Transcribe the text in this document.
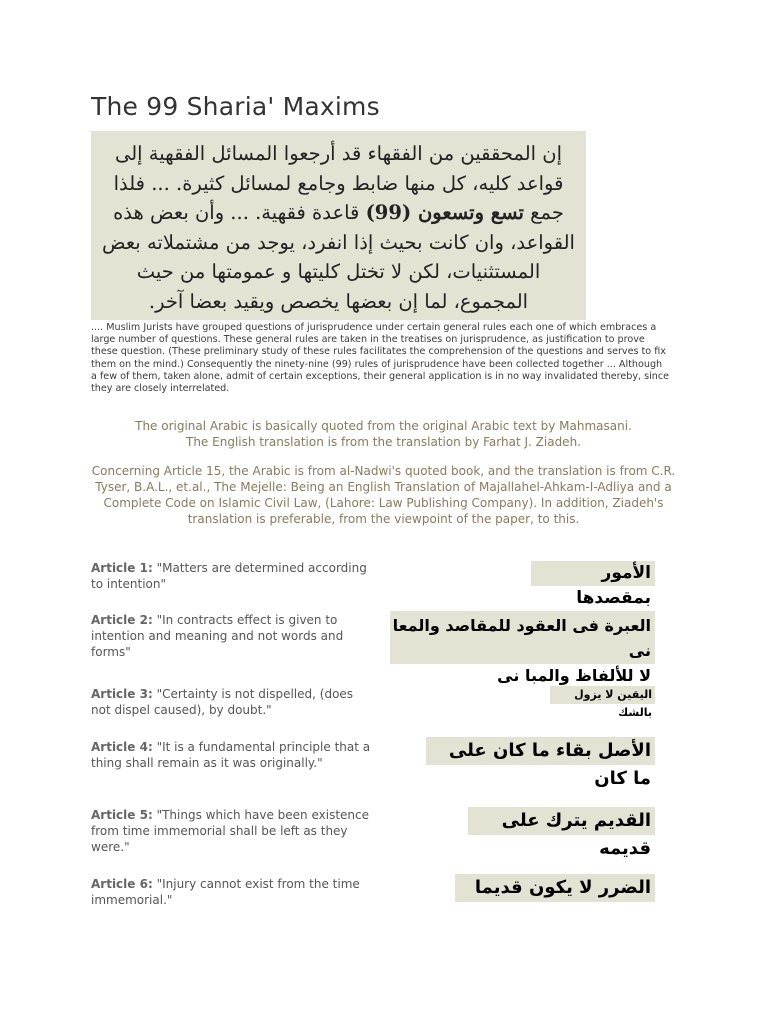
The 99 Sharia' Maxims
إن المحققين من الفقهاء قد أرجعوا المسائل الفقهية إلى قواعد كليه، كل منها ضابط وجامع لمسائل كثيرة. ... فلذا جمع تسع وتسعون (99) قاعدة فقهية. ... وأن بعض هذه القواعد، وان كانت بحيث إذا انفرد، يوجد من مشتملاته بعض المستثنيات، لكن لا تختل كليتها و عمومتها من حيث المجموع، لما إن بعضها يخصص ويقيد بعضا آخر.
.... Muslim Jurists have grouped questions of jurisprudence under certain general rules each one of which embraces a large number of questions. These general rules are taken in the treatises on jurisprudence, as justification to prove these question. (These preliminary study of these rules facilitates the comprehension of the questions and serves to fix them on the mind.) Consequently the ninety-nine (99) rules of jurisprudence have been collected together ... Although a few of them, taken alone, admit of certain exceptions, their general application is in no way invalidated thereby, since they are closely interrelated.
The original Arabic is basically quoted from the original Arabic text by Mahmasani.
The English translation is from the translation by Farhat J. Ziadeh.
Concerning Article 15, the Arabic is from al-Nadwi's quoted book, and the translation is from C.R. Tyser, B.A.L., et.al., The Mejelle: Being an English Translation of Majallahel-Ahkam-I-Adliya and a Complete Code on Islamic Civil Law, (Lahore: Law Publishing Company). In addition, Ziadeh's translation is preferable, from the viewpoint of the paper, to this.
Article 1: "Matters are determined according to intention"
الأمور بمقصدها
Article 2: "In contracts effect is given to intention and meaning and not words and forms"
العبرة فى العقود للمقاصد والمعا نى
لا للألفاظ والمبا نى
Article 3: "Certainty is not dispelled, (does not dispel caused), by doubt."
اليقين لا يزول بالشك
Article 4: "It is a fundamental principle that a thing shall remain as it was originally."
الأصل بقاء ما كان على ما كان
Article 5: "Things which have been existence from time immemorial shall be left as they were."
القديم يترك على قديمه
Article 6: "Injury cannot exist from the time immemorial."
الضرر لا يكون قديما
